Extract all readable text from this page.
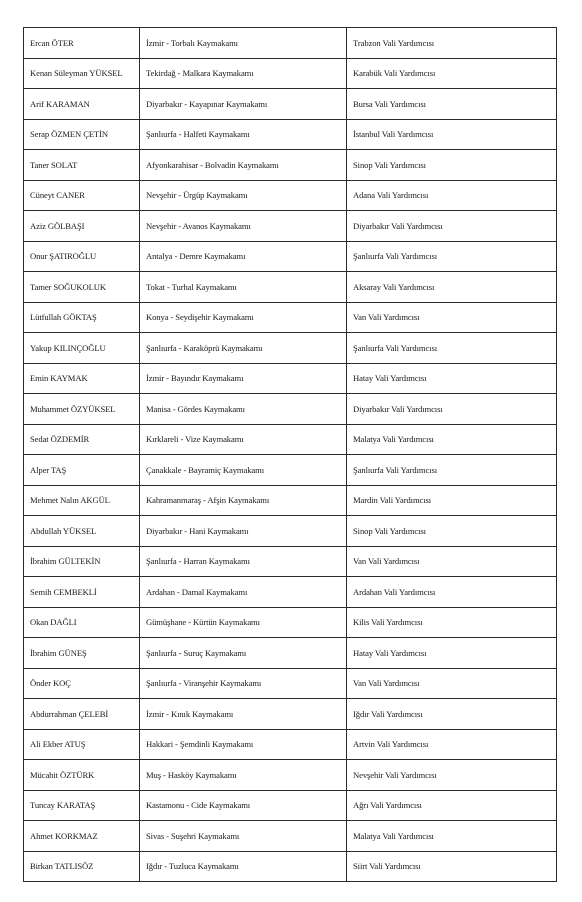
Ercan ÖTER	İzmir - Torbalı Kaymakamı	Trabzon Vali Yardımcısı
Kenan Süleyman YÜKSEL	Tekirdağ - Malkara Kaymakamı	Karabük Vali Yardımcısı
Arif KARAMAN	Diyarbakır - Kayapınar Kaymakamı	Bursa Vali Yardımcısı
Serap ÖZMEN ÇETİN	Şanlıurfa - Halfeti Kaymakamı	İstanbul Vali Yardımcısı
Taner SOLAT	Afyonkarahisar - Bolvadin Kaymakamı	Sinop Vali Yardımcısı
Cüneyt CANER	Nevşehir - Ürgüp Kaymakamı	Adana Vali Yardımcısı
Aziz GÖLBAŞI	Nevşehir - Avanos Kaymakamı	Diyarbakır Vali Yardımcısı
Onur ŞATIROĞLU	Antalya - Demre Kaymakamı	Şanlıurfa Vali Yardımcısı
Tamer SOĞUKOLUK	Tokat - Turhal Kaymakamı	Aksaray Vali Yardımcısı
Lütfullah GÖKTAŞ	Konya - Seydişehir Kaymakamı	Van Vali Yardımcısı
Yakup KILINÇOĞLU	Şanlıurfa - Karaköprü Kaymakamı	Şanlıurfa Vali Yardımcısı
Emin KAYMAK	İzmir - Bayındır Kaymakamı	Hatay Vali Yardımcısı
Muhammet ÖZYÜKSEL	Manisa - Gördes Kaymakamı	Diyarbakır Vali Yardımcısı
Sedat ÖZDEMİR	Kırklareli - Vize Kaymakamı	Malatya Vali Yardımcısı
Alper TAŞ	Çanakkale - Bayramiç Kaymakamı	Şanlıurfa Vali Yardımcısı
Mehmet Nalın AKGÜL	Kahramanmaraş - Afşin Kaymakamı	Mardin Vali Yardımcısı
Abdullah YÜKSEL	Diyarbakır - Hani Kaymakamı	Sinop Vali Yardımcısı
İbrahim GÜLTEKİN	Şanlıurfa - Harran Kaymakamı	Van Vali Yardımcısı
Semih CEMBEKLİ	Ardahan - Damal Kaymakamı	Ardahan Vali Yardımcısı
Okan DAĞLI	Gümüşhane - Kürtün Kaymakamı	Kilis Vali Yardımcısı
İbrahim GÜNEŞ	Şanlıurfa - Suruç Kaymakamı	Hatay Vali Yardımcısı
Önder KOÇ	Şanlıurfa - Viranşehir Kaymakamı	Van Vali Yardımcısı
Abdurrahman ÇELEBİ	İzmir - Kınık Kaymakamı	Iğdır Vali Yardımcısı
Ali Ekber ATUŞ	Hakkari - Şemdinli Kaymakamı	Artvin Vali Yardımcısı
Mücahit ÖZTÜRK	Muş - Hasköy Kaymakamı	Nevşehir Vali Yardımcısı
Tuncay KARATAŞ	Kastamonu - Cide Kaymakamı	Ağrı Vali Yardımcısı
Ahmet KORKMAZ	Sivas - Suşehri Kaymakamı	Malatya Vali Yardımcısı
Birkan TATLISÖZ	Iğdır - Tuzluca Kaymakamı	Siirt Vali Yardımcısı
